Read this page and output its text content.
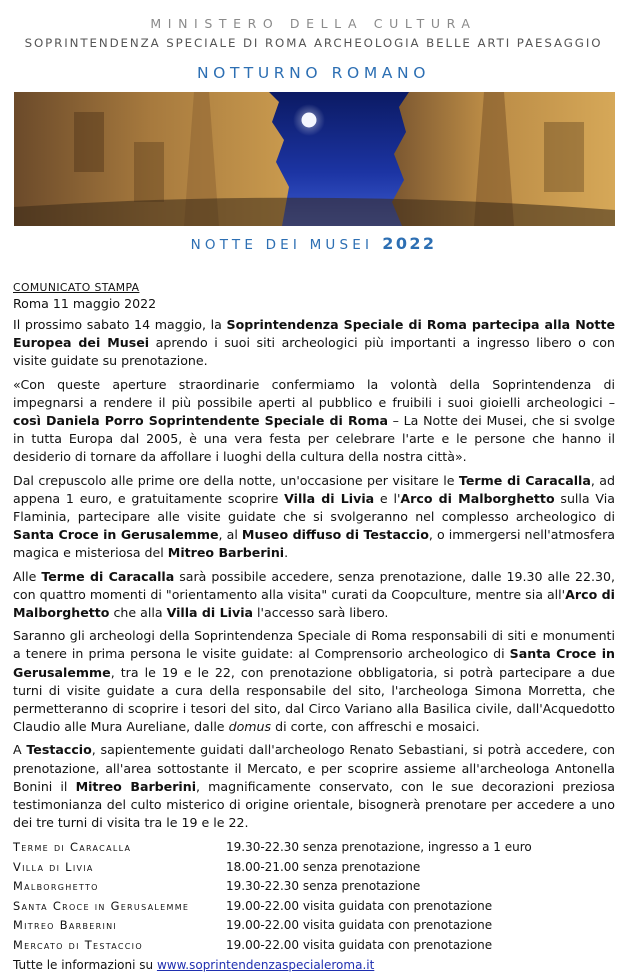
MINISTERO DELLA CULTURA
SOPRINTENDENZA SPECIALE DI ROMA ARCHEOLOGIA BELLE ARTI PAESAGGIO
NOTTURNO ROMANO
NOTTE DEI MUSEI 2022
COMUNICATO STAMPA
Roma 11 maggio 2022

Il prossimo sabato 14 maggio, la Soprintendenza Speciale di Roma partecipa alla Notte Europea dei Musei aprendo i suoi siti archeologici più importanti a ingresso libero o con visite guidate su prenotazione.

«Con queste aperture straordinarie confermiamo la volontà della Soprintendenza di impegnarsi a rendere il più possibile aperti al pubblico e fruibili i suoi gioielli archeologici – così Daniela Porro Soprintendente Speciale di Roma – La Notte dei Musei, che si svolge in tutta Europa dal 2005, è una vera festa per celebrare l'arte e le persone che hanno il desiderio di tornare da affollare i luoghi della cultura della nostra città».

Dal crepuscolo alle prime ore della notte, un'occasione per visitare le Terme di Caracalla, ad appena 1 euro, e gratuitamente scoprire Villa di Livia e l'Arco di Malborghetto sulla Via Flaminia, partecipare alle visite guidate che si svolgeranno nel complesso archeologico di Santa Croce in Gerusalemme, al Museo diffuso di Testaccio, o immergersi nell'atmosfera magica e misteriosa del Mitreo Barberini.

Alle Terme di Caracalla sarà possibile accedere, senza prenotazione, dalle 19.30 alle 22.30, con quattro momenti di "orientamento alla visita" curati da Coopculture, mentre sia all'Arco di Malborghetto che alla Villa di Livia l'accesso sarà libero.

Saranno gli archeologi della Soprintendenza Speciale di Roma responsabili di siti e monumenti a tenere in prima persona le visite guidate: al Comprensorio archeologico di Santa Croce in Gerusalemme, tra le 19 e le 22, con prenotazione obbligatoria, si potrà partecipare a due turni di visite guidate a cura della responsabile del sito, l'archeologa Simona Morretta, che permetteranno di scoprire i tesori del sito, dal Circo Variano alla Basilica civile, dall'Acquedotto Claudio alle Mura Aureliane, dalle domus di corte, con affreschi e mosaici.

A Testaccio, sapientemente guidati dall'archeologo Renato Sebastiani, si potrà accedere, con prenotazione, all'area sottostante il Mercato, e per scoprire assieme all'archeologa Antonella Bonini il Mitreo Barberini, magnificamente conservato, con le sue decorazioni preziosa testimonianza del culto misterico di origine orientale, bisognerà prenotare per accedere a uno dei tre turni di visita tra le 19 e le 22.

Terme di Caracalla	19.30-22.30 senza prenotazione, ingresso a 1 euro
Villa di Livia	18.00-21.00 senza prenotazione
Malborghetto	19.30-22.30 senza prenotazione
Santa Croce in Gerusalemme	19.00-22.00 visita guidata con prenotazione
Mitreo Barberini	19.00-22.00 visita guidata con prenotazione
Mercato di Testaccio	19.00-22.00 visita guidata con prenotazione
Tutte le informazioni su www.soprintendenzaspecialeroma.it
